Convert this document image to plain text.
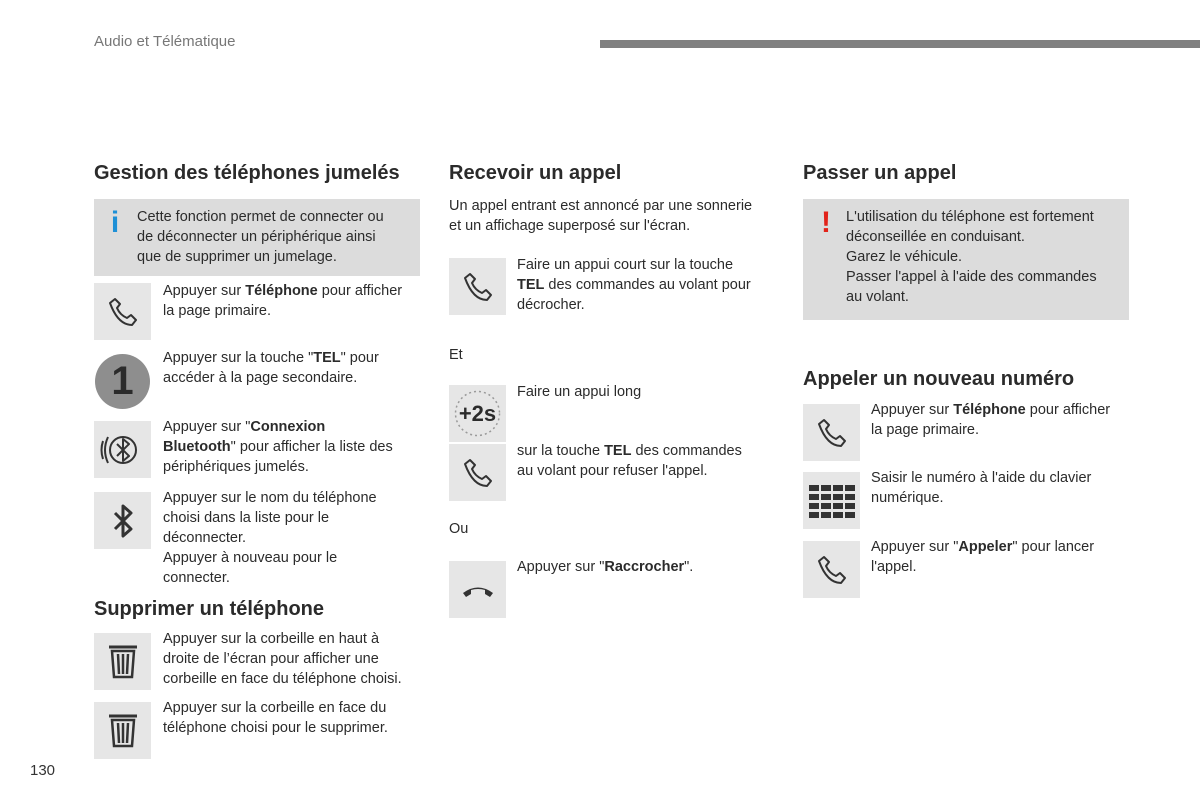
Audio et Télématique
Gestion des téléphones jumelés
i	Cette fonction permet de connecter ou
de déconnecter un périphérique ainsi
que de supprimer un jumelage.
Appuyer sur Téléphone pour afficher
la page primaire.
1
Appuyer sur la touche "TEL" pour
accéder à la page secondaire.
Appuyer sur "Connexion
Bluetooth" pour afficher la liste des
périphériques jumelés.
Appuyer sur le nom du téléphone
choisi dans la liste pour le
déconnecter.
Appuyer à nouveau pour le
connecter.
Supprimer un téléphone
Appuyer sur la corbeille en haut à
droite de l’écran pour afficher une
corbeille en face du téléphone choisi.
Appuyer sur la corbeille en face du
téléphone choisi pour le supprimer.
Recevoir un appel
Un appel entrant est annoncé par une sonnerie
et un affichage superposé sur l'écran.
Faire un appui court sur la touche
TEL des commandes au volant pour
décrocher.
Et
+2s
Faire un appui long
sur la touche TEL des commandes
au volant pour refuser l'appel.
Ou
Appuyer sur "Raccrocher".
Passer un appel
! L'utilisation du téléphone est fortement
déconseillée en conduisant.
Garez le véhicule.
Passer l'appel à l'aide des commandes
au volant.
Appeler un nouveau numéro
Appuyer sur Téléphone pour afficher
la page primaire.
Saisir le numéro à l'aide du clavier
numérique.
Appuyer sur "Appeler" pour lancer
l'appel.
130
